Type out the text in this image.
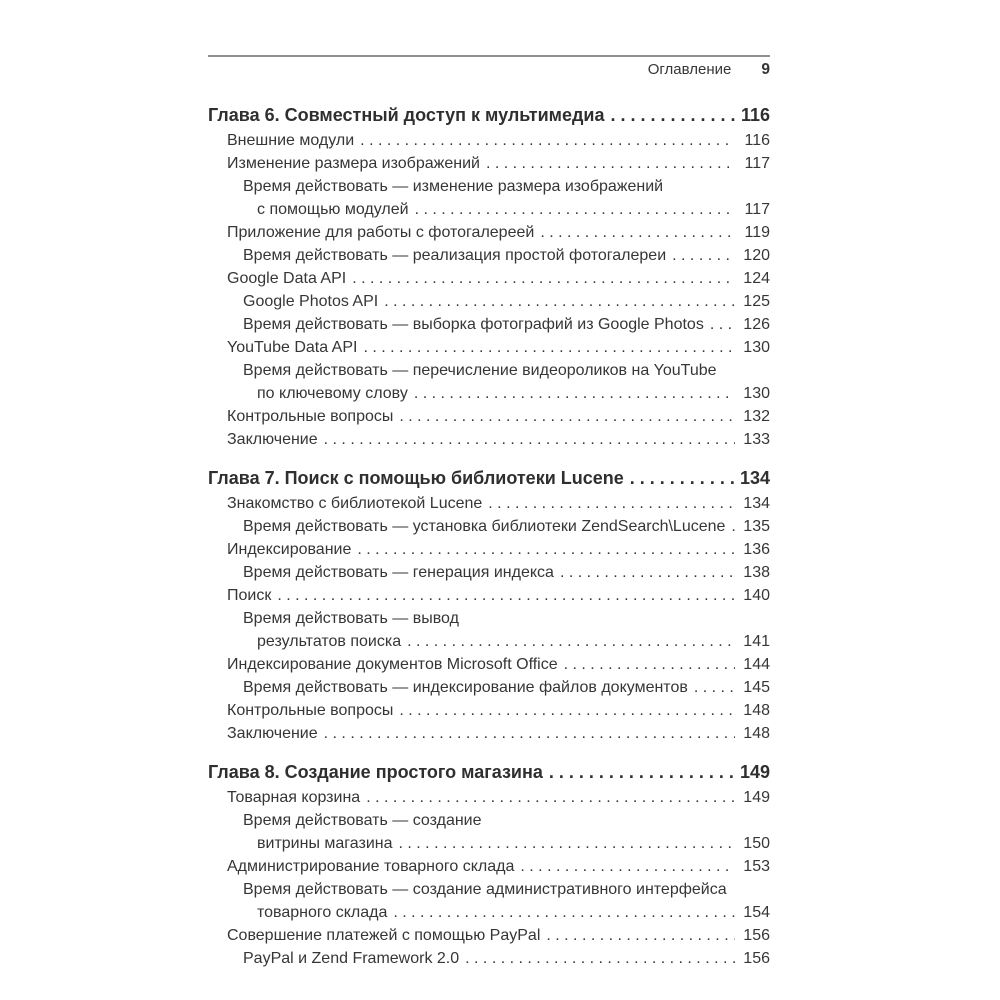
Оглавление 9
Глава 6. Совместный доступ к мультимедиа . . .	116
Внешние модули . . .	116
Изменение размера изображений . . .	117
Время действовать — изменение размера изображений
с помощью модулей . . .	117
Приложение для работы с фотогалереей . . .	119
Время действовать — реализация простой фотогалереи . . .	120
Google Data API . . .	124
Google Photos API . . .	125
Время действовать — выборка фотографий из Google Photos . . . 126
YouTube Data API . . .	130
Время действовать — перечисление видеороликов на YouTube
по ключевому слову . . .	130
Контрольные вопросы . . .	132
Заключение . . .	133
Глава 7. Поиск с помощью библиотеки Lucene . . .	134
Знакомство с библиотекой Lucene . . .	134
Время действовать — установка библиотеки ZendSearch\Lucene . . . 135
Индексирование . . .	136
Время действовать — генерация индекса . . .	138
Поиск . . .	140
Время действовать — вывод
результатов поиска . . .	141
Индексирование документов Microsoft Office . . .	144
Время действовать — индексирование файлов документов . . .	145
Контрольные вопросы . . .	148
Заключение . . .	148
Глава 8. Создание простого магазина . . .	149
Товарная корзина . . .	149
Время действовать — создание
витрины магазина . . .	150
Администрирование товарного склада . . .	153
Время действовать — создание административного интерфейса
товарного склада . . .	154
Совершение платежей с помощью PayPal . . .	156
PayPal и Zend Framework 2.0 . . .	156
